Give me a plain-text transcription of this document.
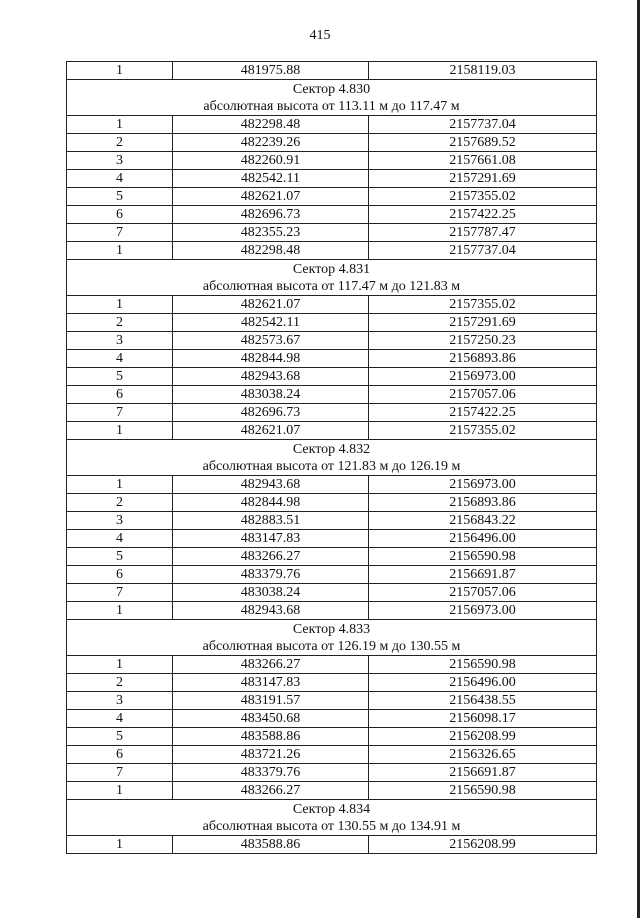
415
1	481975.88	2158119.03
Сектор 4.830
абсолютная высота от 113.11 м до 117.47 м
1	482298.48	2157737.04
2	482239.26	2157689.52
3	482260.91	2157661.08
4	482542.11	2157291.69
5	482621.07	2157355.02
6	482696.73	2157422.25
7	482355.23	2157787.47
1	482298.48	2157737.04
Сектор 4.831
абсолютная высота от 117.47 м до 121.83 м
1	482621.07	2157355.02
2	482542.11	2157291.69
3	482573.67	2157250.23
4	482844.98	2156893.86
5	482943.68	2156973.00
6	483038.24	2157057.06
7	482696.73	2157422.25
1	482621.07	2157355.02
Сектор 4.832
абсолютная высота от 121.83 м до 126.19 м
1	482943.68	2156973.00
2	482844.98	2156893.86
3	482883.51	2156843.22
4	483147.83	2156496.00
5	483266.27	2156590.98
6	483379.76	2156691.87
7	483038.24	2157057.06
1	482943.68	2156973.00
Сектор 4.833
абсолютная высота от 126.19 м до 130.55 м
1	483266.27	2156590.98
2	483147.83	2156496.00
3	483191.57	2156438.55
4	483450.68	2156098.17
5	483588.86	2156208.99
6	483721.26	2156326.65
7	483379.76	2156691.87
1	483266.27	2156590.98
Сектор 4.834
абсолютная высота от 130.55 м до 134.91 м
1	483588.86	2156208.99
